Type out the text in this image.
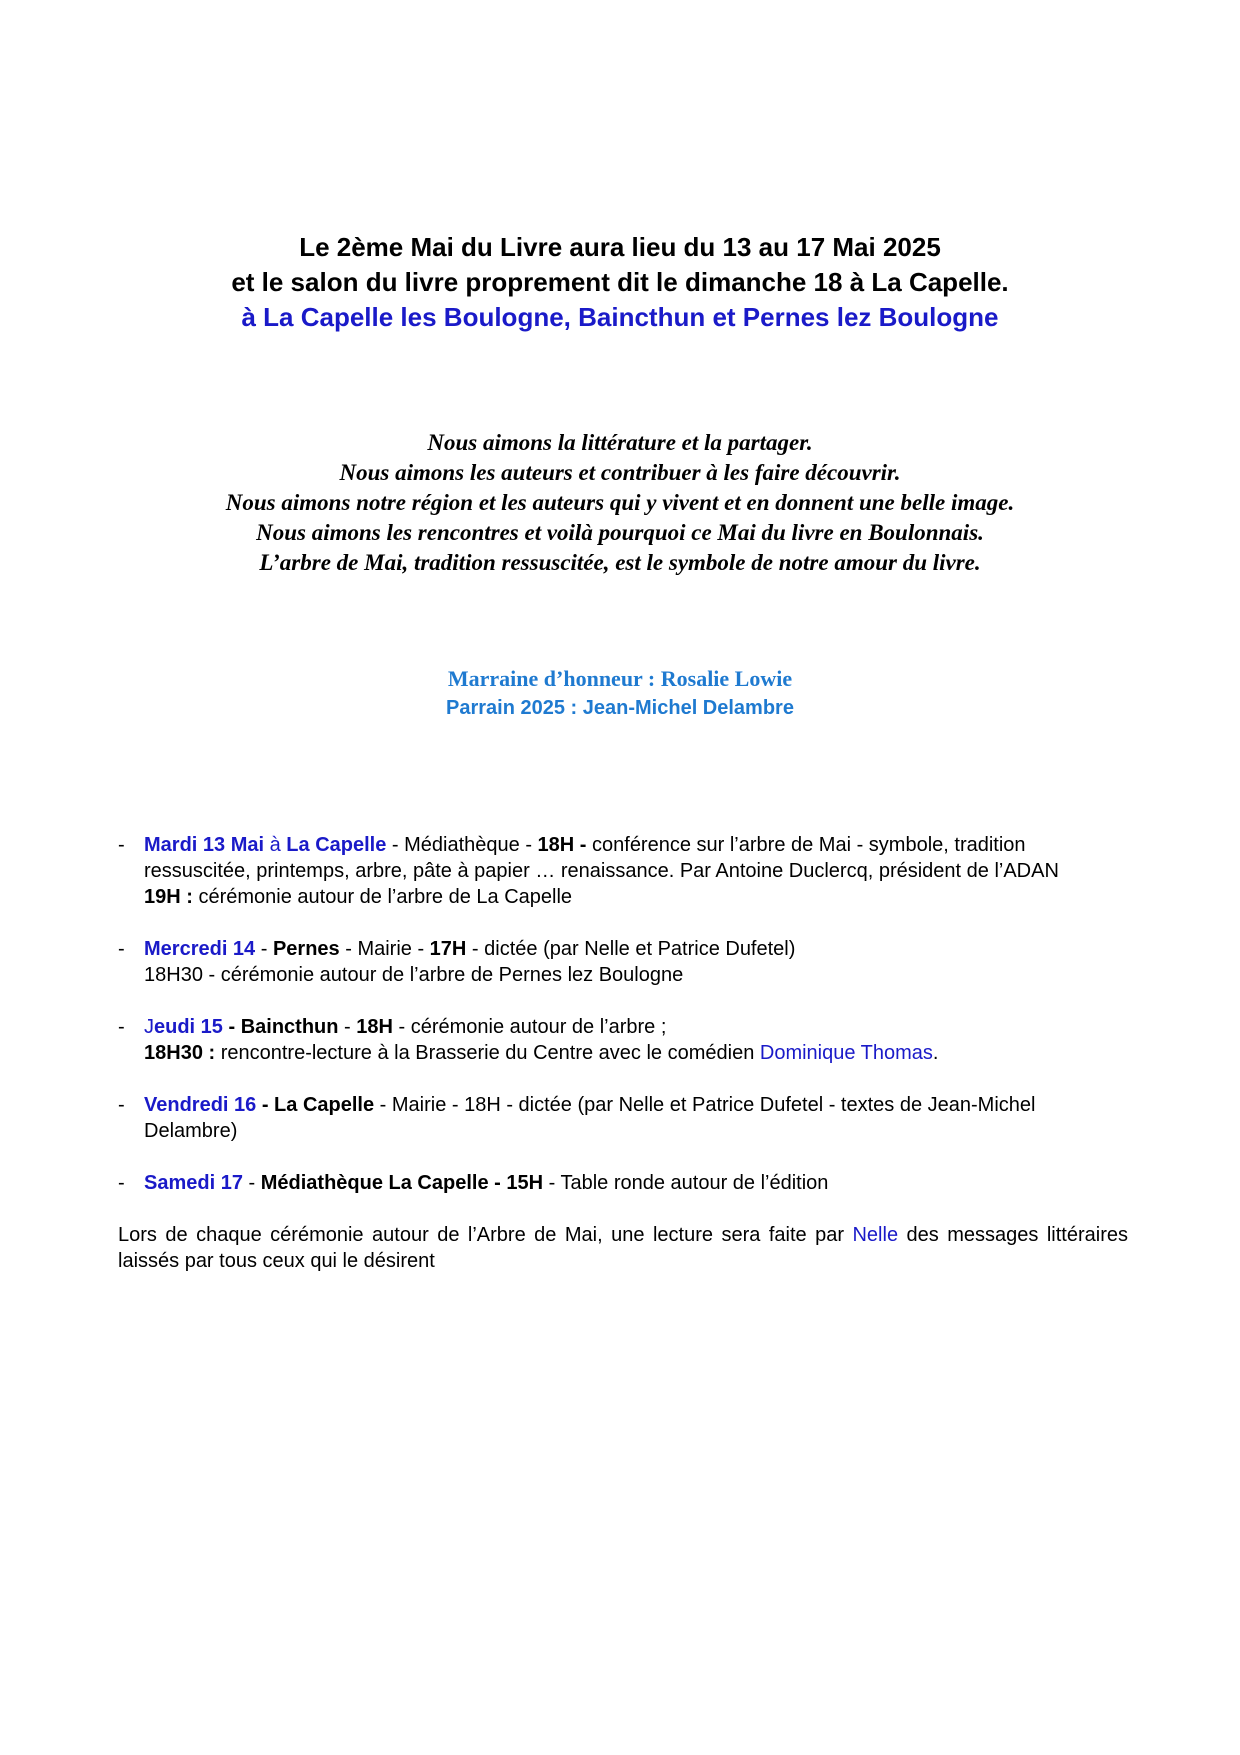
Le 2ème Mai du Livre aura lieu du 13 au 17 Mai 2025
et le salon du livre proprement dit le dimanche 18 à La Capelle.
à La Capelle les Boulogne, Baincthun et Pernes lez Boulogne
Nous aimons la littérature et la partager.
Nous aimons les auteurs et contribuer à les faire découvrir.
Nous aimons notre région et les auteurs qui y vivent et en donnent une belle image.
Nous aimons les rencontres et voilà pourquoi ce Mai du livre en Boulonnais.
L’arbre de Mai, tradition ressuscitée, est le symbole de notre amour du livre.
Marraine d’honneur : Rosalie Lowie
Parrain 2025 : Jean-Michel Delambre
- Mardi 13 Mai à La Capelle - Médiathèque - 18H - conférence sur l’arbre de Mai - symbole, tradition ressuscitée, printemps, arbre, pâte à papier … renaissance. Par Antoine Duclercq, président de l’ADAN
19H : cérémonie autour de l’arbre de La Capelle
- Mercredi 14 - Pernes - Mairie - 17H - dictée (par Nelle et Patrice Dufetel)
18H30 - cérémonie autour de l’arbre de Pernes lez Boulogne
- Jeudi 15 - Baincthun - 18H - cérémonie autour de l’arbre ;
18H30 : rencontre-lecture à la Brasserie du Centre avec le comédien Dominique Thomas.
- Vendredi 16 - La Capelle - Mairie - 18H - dictée (par Nelle et Patrice Dufetel - textes de Jean-Michel Delambre)
- Samedi 17 - Médiathèque La Capelle - 15H - Table ronde autour de l’édition
Lors de chaque cérémonie autour de l’Arbre de Mai, une lecture sera faite par Nelle des messages littéraires laissés par tous ceux qui le désirent
